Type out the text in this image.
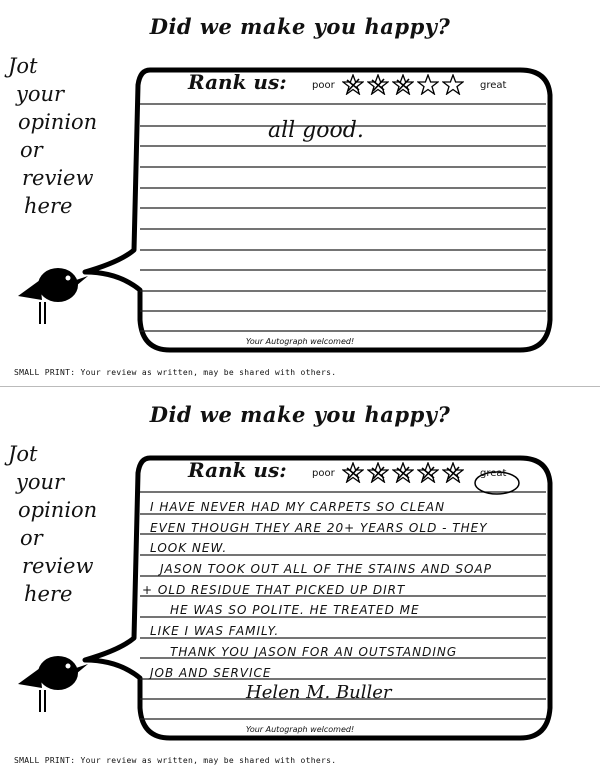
Did we make you happy?
Jot
your
opinion
or
review
here
Rank us:	poor	great
all good.
Your Autograph welcomed!
SMALL PRINT: Your review as written, may be shared with others.
Did we make you happy?
Jot
your
opinion
or
review
here
Rank us:	poor	great
I HAVE NEVER HAD MY CARPETS SO CLEAN
EVEN THOUGH THEY ARE 20+ YEARS OLD - THEY
LOOK NEW.
JASON TOOK OUT ALL OF THE STAINS AND SOAP
+ OLD RESIDUE THAT PICKED UP DIRT
HE WAS SO POLITE. HE TREATED ME
LIKE I WAS FAMILY.
THANK YOU JASON FOR AN OUTSTANDING
JOB AND SERVICE
Helen M. Buller
Your Autograph welcomed!
SMALL PRINT: Your review as written, may be shared with others.
